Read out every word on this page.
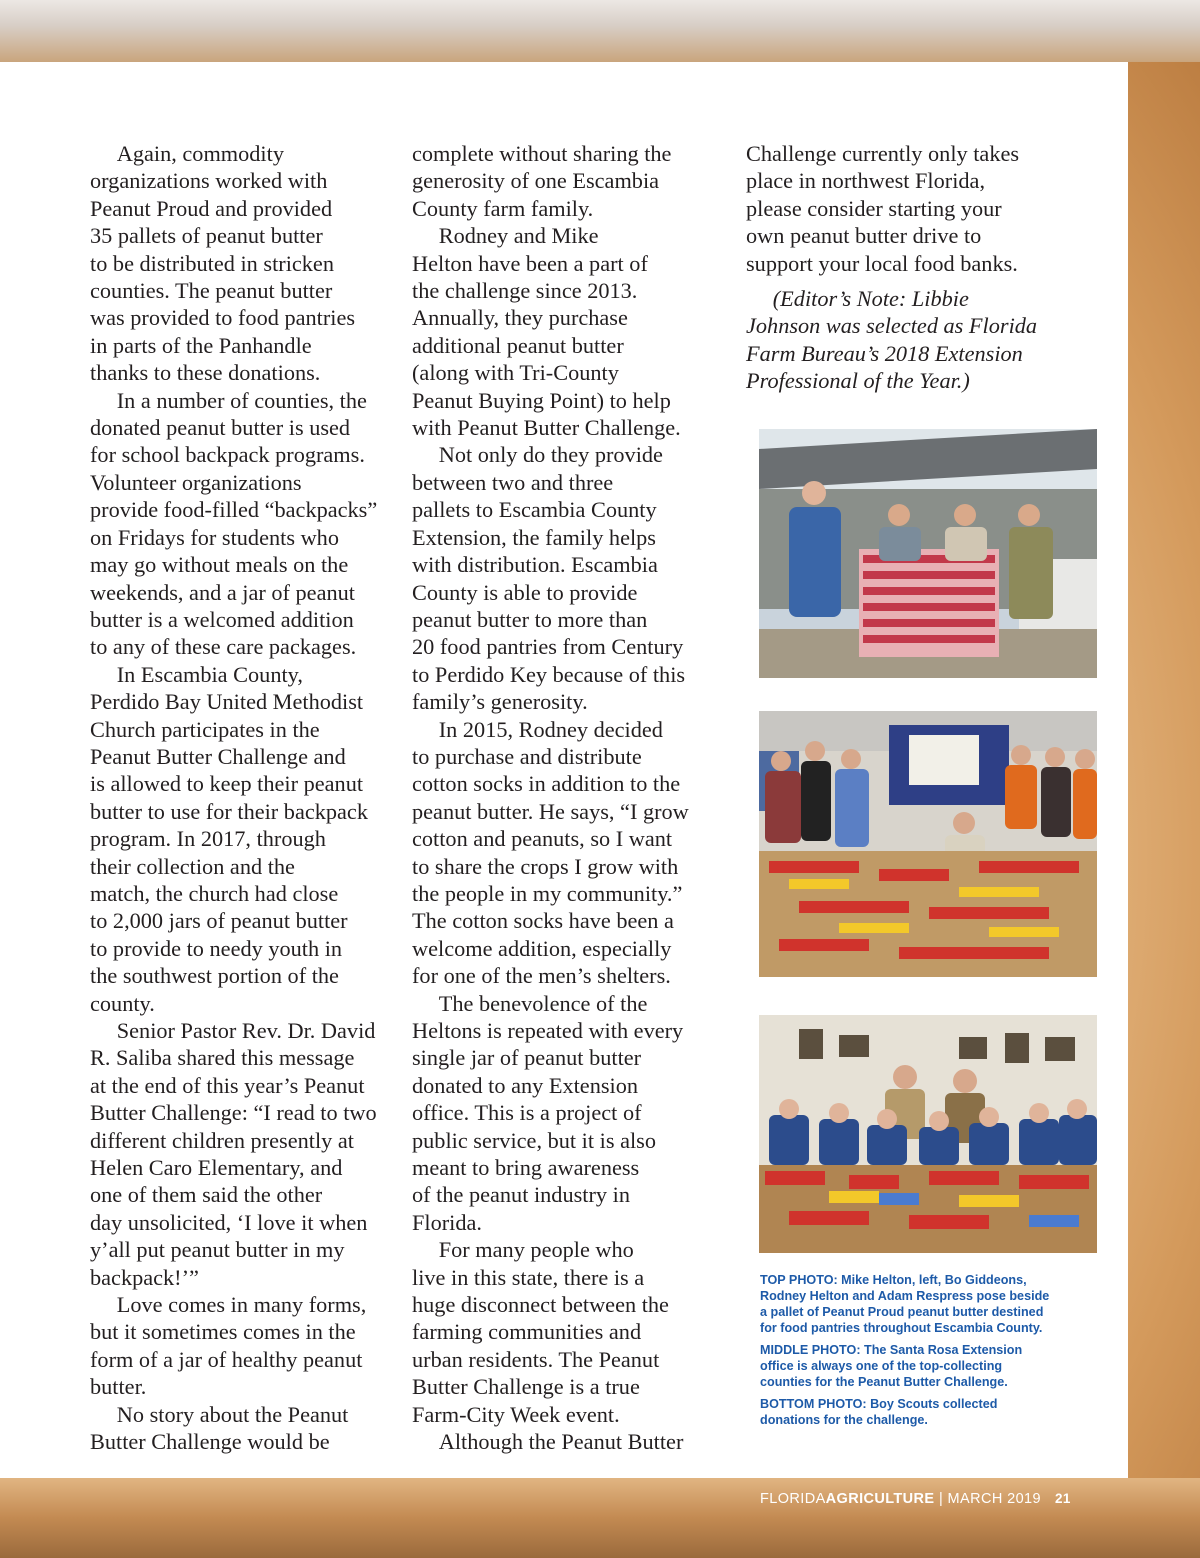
  Again, commodity
organizations worked with
Peanut Proud and provided
35 pallets of peanut butter
to be distributed in stricken
counties. The peanut butter
was provided to food pantries
in parts of the Panhandle
thanks to these donations.

  In a number of counties, the
donated peanut butter is used
for school backpack programs.
Volunteer organizations
provide food-filled “backpacks”
on Fridays for students who
may go without meals on the
weekends, and a jar of peanut
butter is a welcomed addition
to any of these care packages.

  In Escambia County,
Perdido Bay United Methodist
Church participates in the
Peanut Butter Challenge and
is allowed to keep their peanut
butter to use for their backpack
program. In 2017, through
their collection and the
match, the church had close
to 2,000 jars of peanut butter
to provide to needy youth in
the southwest portion of the
county.

  Senior Pastor Rev. Dr. David
R. Saliba shared this message
at the end of this year’s Peanut
Butter Challenge: “I read to two
different children presently at
Helen Caro Elementary, and
one of them said the other
day unsolicited, ‘I love it when
y’all put peanut butter in my
backpack!’”

  Love comes in many forms,
but it sometimes comes in the
form of a jar of healthy peanut
butter.

  No story about the Peanut
Butter Challenge would be

complete without sharing the
generosity of one Escambia
County farm family.

  Rodney and Mike
Helton have been a part of
the challenge since 2013.
Annually, they purchase
additional peanut butter
(along with Tri-County
Peanut Buying Point) to help
with Peanut Butter Challenge.

  Not only do they provide
between two and three
pallets to Escambia County
Extension, the family helps
with distribution. Escambia
County is able to provide
peanut butter to more than
20 food pantries from Century
to Perdido Key because of this
family’s generosity.

  In 2015, Rodney decided
to purchase and distribute
cotton socks in addition to the
peanut butter. He says, “I grow
cotton and peanuts, so I want
to share the crops I grow with
the people in my community.”
The cotton socks have been a
welcome addition, especially
for one of the men’s shelters.

  The benevolence of the
Heltons is repeated with every
single jar of peanut butter
donated to any Extension
office. This is a project of
public service, but it is also
meant to bring awareness
of the peanut industry in
Florida.

  For many people who
live in this state, there is a
huge disconnect between the
farming communities and
urban residents. The Peanut
Butter Challenge is a true
Farm-City Week event.

  Although the Peanut Butter

Challenge currently only takes
place in northwest Florida,
please consider starting your
own peanut butter drive to
support your local food banks.

  (Editor’s Note: Libbie
Johnson was selected as Florida
Farm Bureau’s 2018 Extension
Professional of the Year.)

TOP PHOTO: Mike Helton, left, Bo Giddeons,
Rodney Helton and Adam Respress pose beside
a pallet of Peanut Proud peanut butter destined
for food pantries throughout Escambia County.

MIDDLE PHOTO: The Santa Rosa Extension
office is always one of the top-collecting
counties for the Peanut Butter Challenge.

BOTTOM PHOTO: Boy Scouts collected
donations for the challenge.

FLORIDAAGRICULTURE | MARCH 2019 21
